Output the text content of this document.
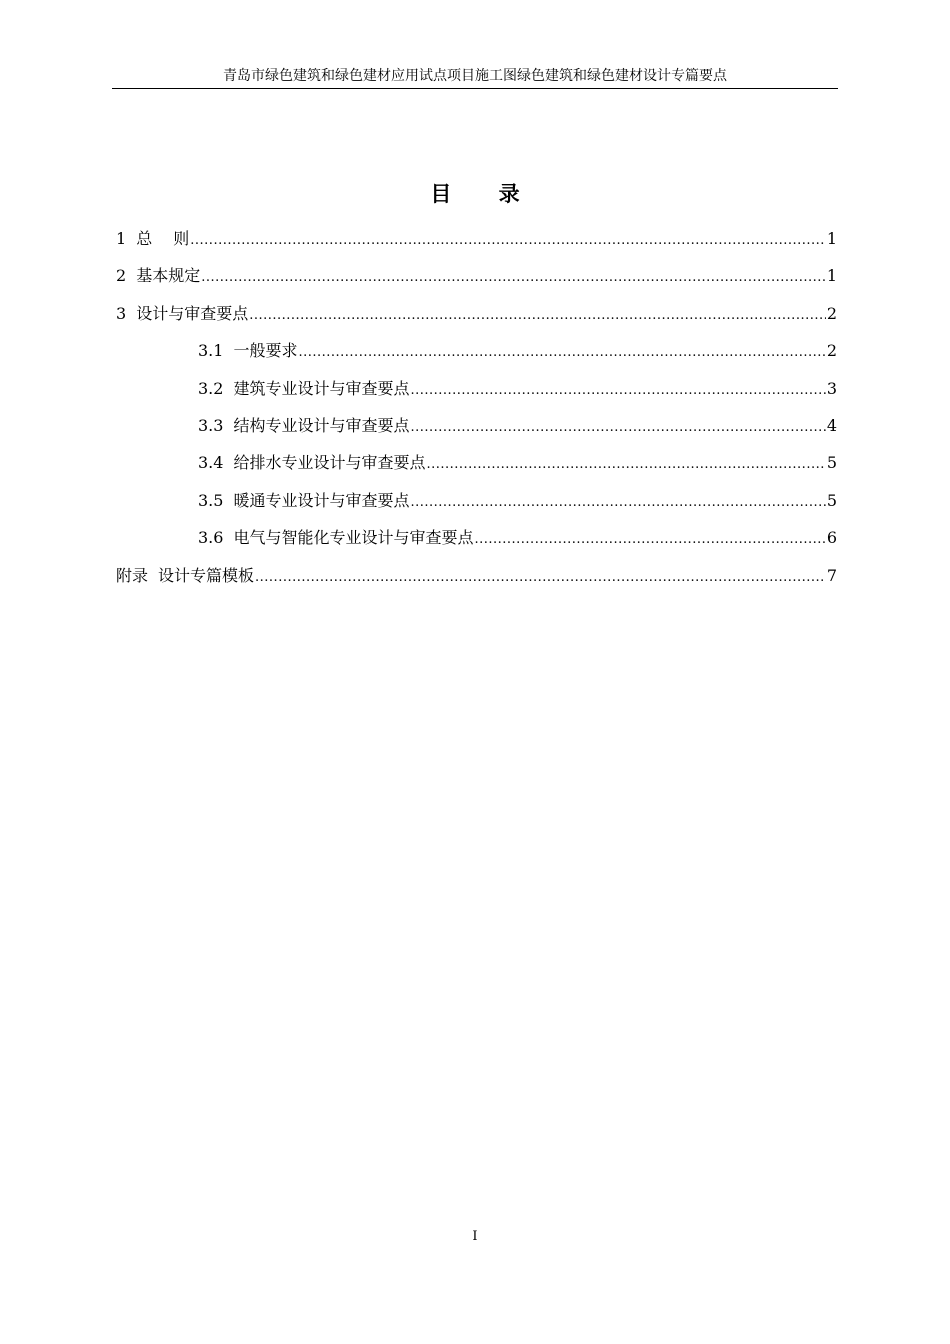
青岛市绿色建筑和绿色建材应用试点项目施工图绿色建筑和绿色建材设计专篇要点
目 录
1 总　 则 .....	1
2 基本规定 .....	1
3 设计与审查要点 .....	2
3.1 一般要求 .....	2
3.2 建筑专业设计与审查要点 .....	3
3.3 结构专业设计与审查要点 .....	4
3.4 给排水专业设计与审查要点 .....	5
3.5 暖通专业设计与审查要点 .....	5
3.6 电气与智能化专业设计与审查要点 .....	6
附录 设计专篇模板 .....	7
I
